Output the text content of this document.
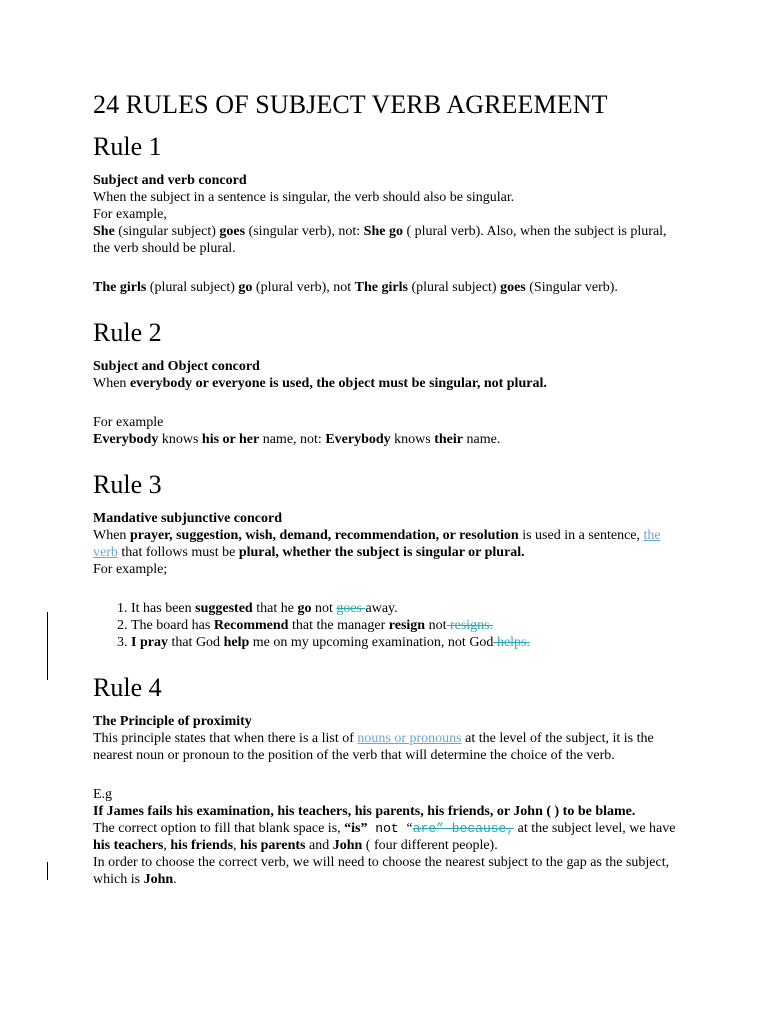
24 RULES OF SUBJECT VERB AGREEMENT
Rule 1

Subject and verb concord

When the subject in a sentence is singular, the verb should also be singular.

For example,

She (singular subject) goes (singular verb), not: She go ( plural verb). Also, when the subject is plural, the verb should be plural.

The girls (plural subject) go (plural verb), not The girls (plural subject) goes (Singular verb).

Rule 2

Subject and Object concord

When everybody or everyone is used, the object must be singular, not plural.

For example

Everybody knows his or her name, not: Everybody knows their name.

Rule 3

Mandative subjunctive concord

When prayer, suggestion, wish, demand, recommendation, or resolution is used in a sentence, the verb that follows must be plural, whether the subject is singular or plural.

For example;

1. It has been suggested that he go not goes away.
2. The board has Recommend that the manager resign not resigns.
3. I pray that God help me on my upcoming examination, not God helps.
Rule 4

The Principle of proximity

This principle states that when there is a list of nouns or pronouns at the level of the subject, it is the nearest noun or pronoun to the position of the verb that will determine the choice of the verb.

E.g

If James fails his examination, his teachers, his parents, his friends, or John ( ) to be blame.

The correct option to fill that blank space is, “is” not “are” because, at the subject level, we have his teachers, his friends, his parents and John ( four different people).

In order to choose the correct verb, we will need to choose the nearest subject to the gap as the subject, which is John.
